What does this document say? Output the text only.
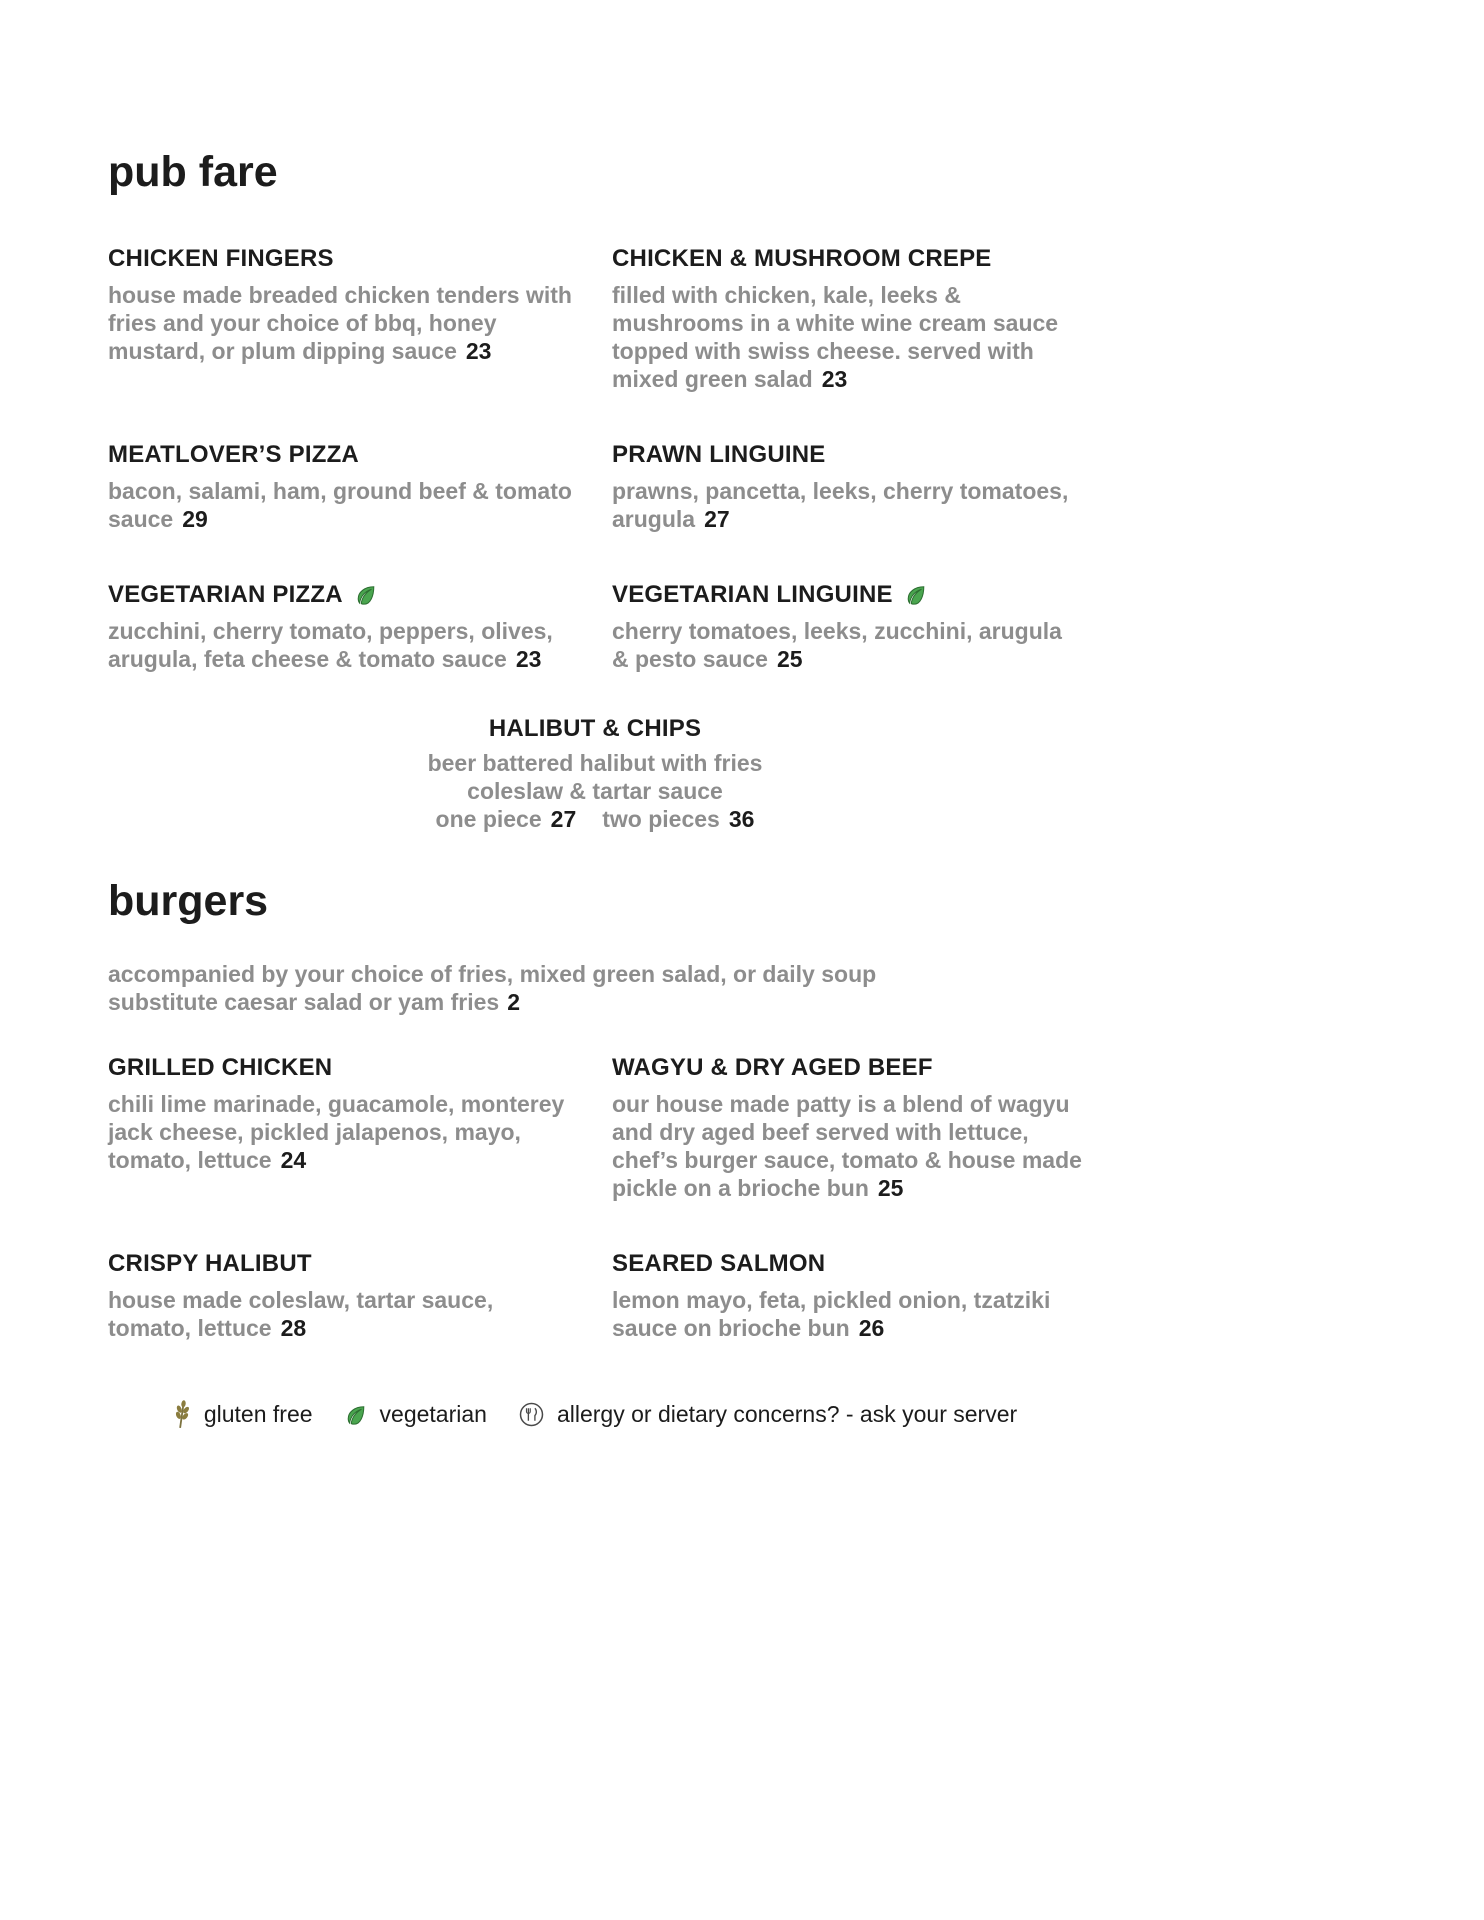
pub fare
CHICKEN FINGERS

house made breaded chicken tenders with fries and your choice of bbq, honey mustard, or plum dipping sauce 23

CHICKEN & MUSHROOM CREPE

filled with chicken, kale, leeks & mushrooms in a white wine cream sauce topped with swiss cheese. served with mixed green salad 23

MEATLOVER’S PIZZA

bacon, salami, ham, ground beef & tomato sauce 29

PRAWN LINGUINE

prawns, pancetta, leeks, cherry tomatoes, arugula 27

VEGETARIAN PIZZA

zucchini, cherry tomato, peppers, olives, arugula, feta cheese & tomato sauce 23

VEGETARIAN LINGUINE

cherry tomatoes, leeks, zucchini, arugula & pesto sauce 25

HALIBUT & CHIPS

beer battered halibut with fries
coleslaw & tartar sauce

one piece 27 two pieces 36

burgers

accompanied by your choice of fries, mixed green salad, or daily soup
substitute caesar salad or yam fries 2

GRILLED CHICKEN

chili lime marinade, guacamole, monterey jack cheese, pickled jalapenos, mayo, tomato, lettuce 24

WAGYU & DRY AGED BEEF

our house made patty is a blend of wagyu and dry aged beef served with lettuce, chef’s burger sauce, tomato & house made pickle on a brioche bun 25

CRISPY HALIBUT

house made coleslaw, tartar sauce, tomato, lettuce 28

SEARED SALMON

lemon mayo, feta, pickled onion, tzatziki sauce on brioche bun 26

gluten free	vegetarian	allergy or dietary concerns? - ask your server
